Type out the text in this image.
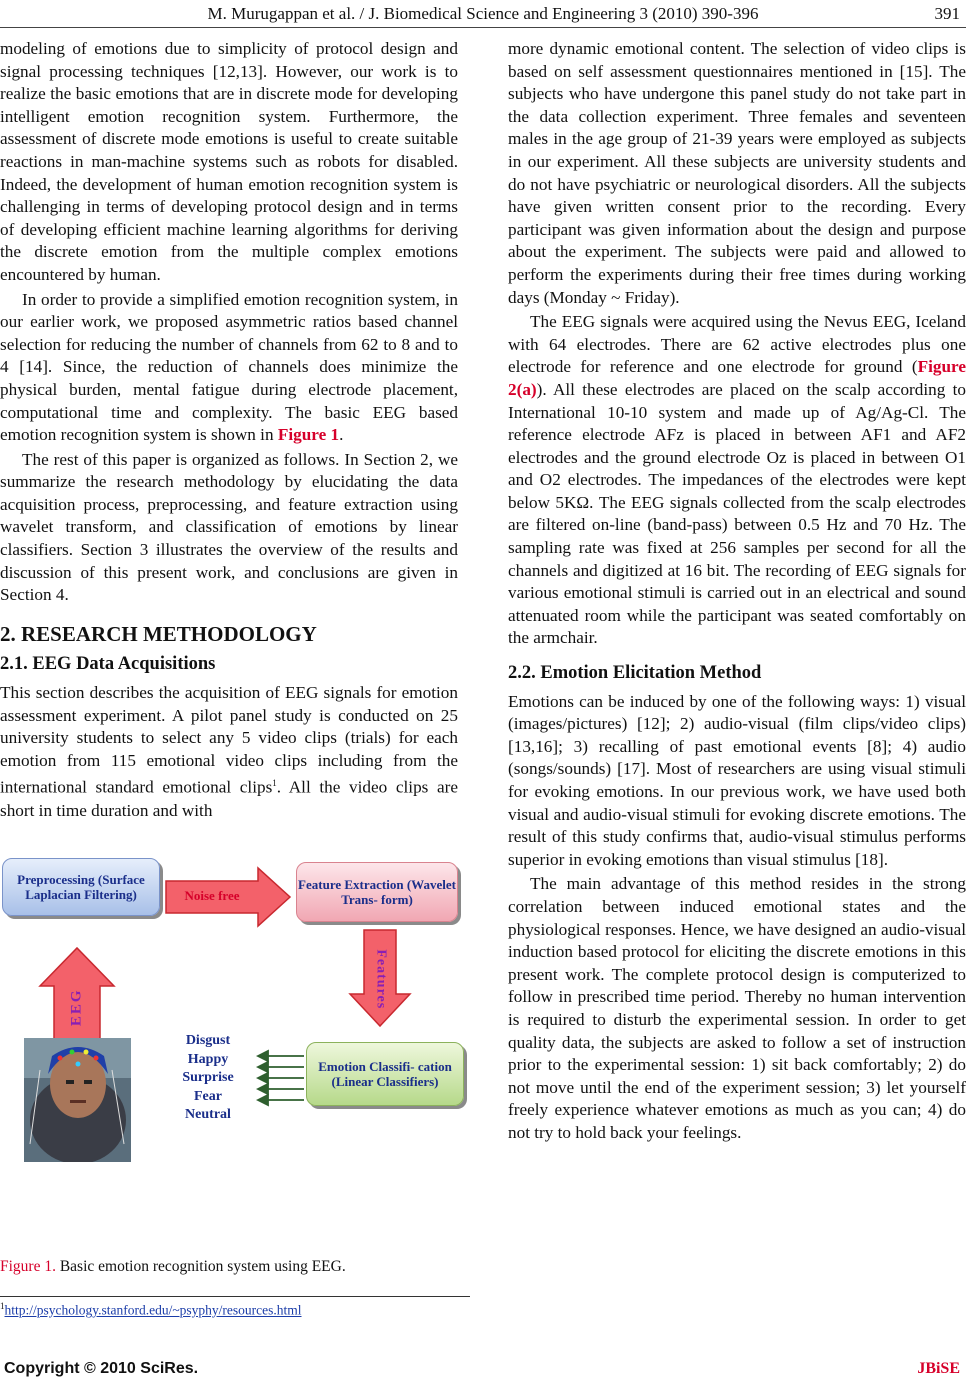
M. Murugappan et al. / J. Biomedical Science and Engineering 3 (2010) 390-396	391

modeling of emotions due to simplicity of protocol design and signal processing techniques [12,13]. However, our work is to realize the basic emotions that are in discrete mode for developing intelligent emotion recognition system. Furthermore, the assessment of discrete mode emotions is useful to create suitable reactions in man-machine systems such as robots for disabled. Indeed, the development of human emotion recognition system is challenging in terms of developing protocol design and in terms of developing efficient machine learning algorithms for deriving the discrete emotion from the multiple complex emotions encountered by human.

In order to provide a simplified emotion recognition system, in our earlier work, we proposed asymmetric ratios based channel selection for reducing the number of channels from 62 to 8 and to 4 [14]. Since, the reduction of channels does minimize the physical burden, mental fatigue during electrode placement, computational time and complexity. The basic EEG based emotion recognition system is shown in Figure 1.

The rest of this paper is organized as follows. In Section 2, we summarize the research methodology by elucidating the data acquisition process, preprocessing, and feature extraction using wavelet transform, and classification of emotions by linear classifiers. Section 3 illustrates the overview of the results and discussion of this present work, and conclusions are given in Section 4.

2. RESEARCH METHODOLOGY
2.1. EEG Data Acquisitions

This section describes the acquisition of EEG signals for emotion assessment experiment. A pilot panel study is conducted on 25 university students to select any 5 video clips (trials) for each emotion from 115 emotional video clips including from the international standard emotional clips$^1$. All the video clips are short in time duration and with

Preprocessing (Surface Laplacian Filtering)
Feature Extraction (Wavelet Trans- form)
Emotion Classifi- cation (Linear Classifiers)
Noise free
EEG	Features
Disgust
Happy
Surprise
Fear
Neutral
Figure 1. Basic emotion recognition system using EEG.
$^1$http://psychology.stanford.edu/~psyphy/resources.html

more dynamic emotional content. The selection of video clips is based on self assessment questionnaires mentioned in [15]. The subjects who have undergone this panel study do not take part in the data collection experiment. Three females and seventeen males in the age group of 21-39 years were employed as subjects in our experiment. All these subjects are university students and do not have psychiatric or neurological disorders. All the subjects have given written consent prior to the recording. Every participant was given information about the design and purpose about the experiment. The subjects were paid and allowed to perform the experiments during their free times during working days (Monday ~ Friday).

The EEG signals were acquired using the Nevus EEG, Iceland with 64 electrodes. There are 62 active electrodes plus one electrode for reference and one electrode for ground (Figure 2(a)). All these electrodes are placed on the scalp according to International 10-10 system and made up of Ag/Ag-Cl. The reference electrode AFz is placed in between AF1 and AF2 electrodes and the ground electrode Oz is placed in between O1 and O2 electrodes. The impedances of the electrodes were kept below 5KΩ. The EEG signals collected from the scalp electrodes are filtered on-line (band-pass) between 0.5 Hz and 70 Hz. The sampling rate was fixed at 256 samples per second for all the channels and digitized at 16 bit. The recording of EEG signals for various emotional stimuli is carried out in an electrical and sound attenuated room while the participant was seated comfortably on the armchair.

2.2. Emotion Elicitation Method

Emotions can be induced by one of the following ways: 1) visual (images/pictures) [12]; 2) audio-visual (film clips/video clips) [13,16]; 3) recalling of past emotional events [8]; 4) audio (songs/sounds) [17]. Most of researchers are using visual stimuli for evoking emotions. In our previous work, we have used both visual and audio-visual stimuli for evoking discrete emotions. The result of this study confirms that, audio-visual stimulus performs superior in evoking emotions than visual stimulus [18].

The main advantage of this method resides in the strong correlation between induced emotional states and the physiological responses. Hence, we have designed an audio-visual induction based protocol for eliciting the discrete emotions in this present work. The complete protocol design is computerized to follow in prescribed time period. Thereby no human intervention is required to disturb the experimental session. In order to get quality data, the subjects are asked to follow a set of instruction prior to the experimental session: 1) sit back comfortably; 2) do not move until the end of the experiment session; 3) let yourself freely experience whatever emotions as much as you can; 4) do not try to hold back your feelings.

Copyright © 2010 SciRes.	JBiSE
